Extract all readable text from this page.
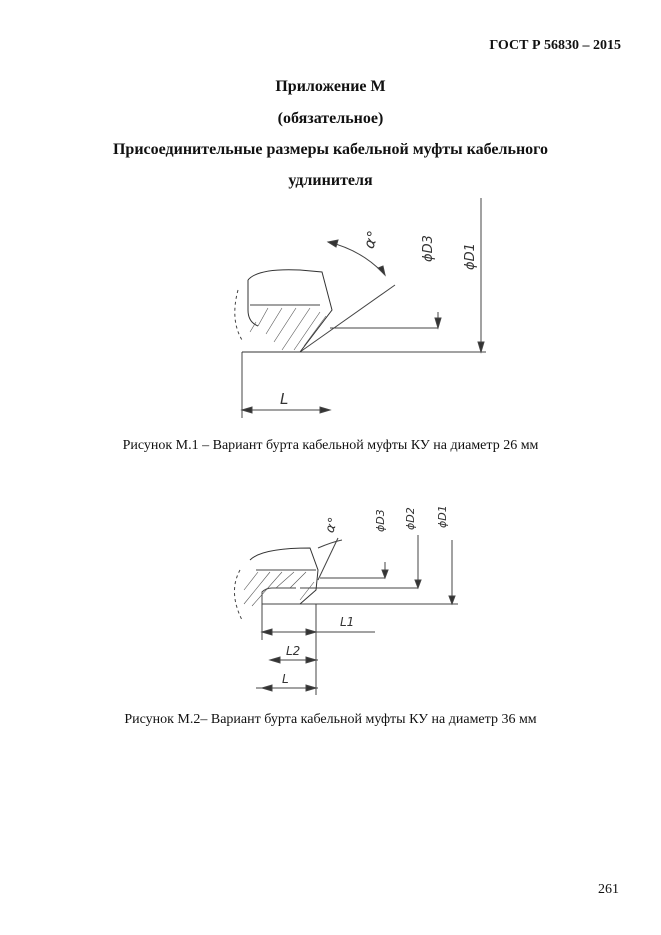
ГОСТ Р 56830 – 2015
Приложение М
(обязательное)
Присоединительные размеры кабельной муфты кабельного
удлинителя
α°	ϕD3 ϕD1
L
Рисунок М.1 – Вариант бурта кабельной муфты КУ на диаметр 26 мм
α°	ϕD3 ϕD2 ϕD1
L1
L2
L
Рисунок М.2– Вариант бурта кабельной муфты КУ на диаметр 36 мм
261
